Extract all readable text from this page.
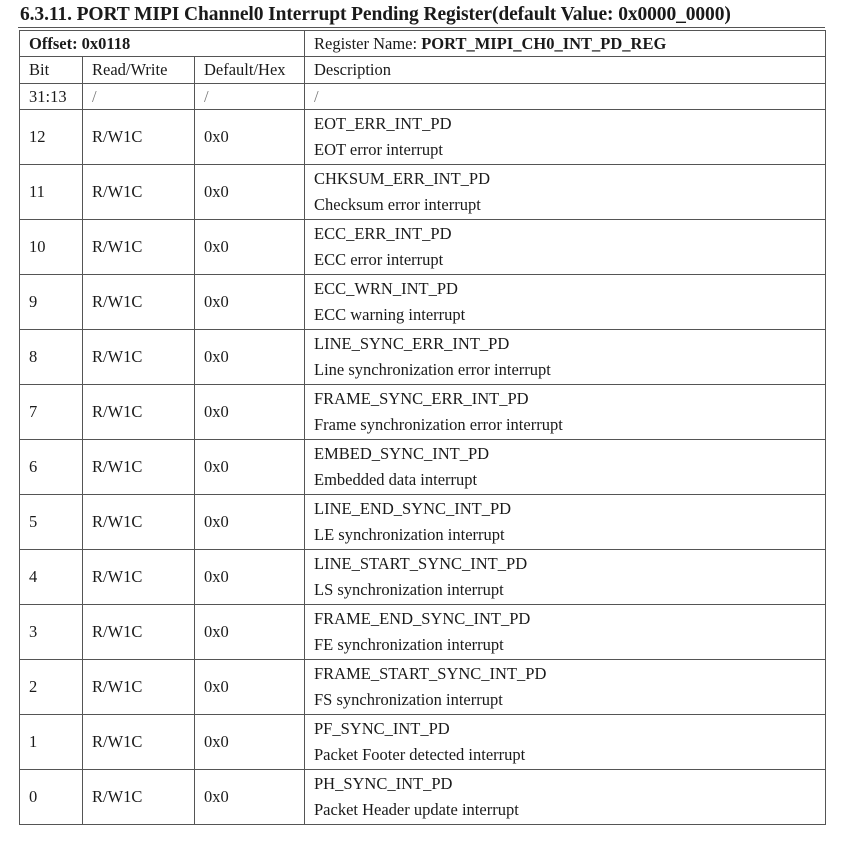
6.3.11. PORT MIPI Channel0 Interrupt Pending Register(default Value: 0x0000_0000)
Offset: 0x0118			Register Name: PORT_MIPI_CH0_INT_PD_REG
Bit	Read/Write	Default/Hex	Description
31:13	/	/	/
12	R/W1C	0x0	EOT_ERR_INT_PD
EOT error interrupt

11	R/W1C	0x0	CHKSUM_ERR_INT_PD
Checksum error interrupt

10	R/W1C	0x0	ECC_ERR_INT_PD
ECC error interrupt

9	R/W1C	0x0	ECC_WRN_INT_PD
ECC warning interrupt

8	R/W1C	0x0	LINE_SYNC_ERR_INT_PD
Line synchronization error interrupt

7	R/W1C	0x0	FRAME_SYNC_ERR_INT_PD
Frame synchronization error interrupt

6	R/W1C	0x0	EMBED_SYNC_INT_PD
Embedded data interrupt

5	R/W1C	0x0	LINE_END_SYNC_INT_PD
LE synchronization interrupt

4	R/W1C	0x0	LINE_START_SYNC_INT_PD
LS synchronization interrupt

3	R/W1C	0x0	FRAME_END_SYNC_INT_PD
FE synchronization interrupt

2	R/W1C	0x0	FRAME_START_SYNC_INT_PD
FS synchronization interrupt

1	R/W1C	0x0	PF_SYNC_INT_PD
Packet Footer detected interrupt

0	R/W1C	0x0	PH_SYNC_INT_PD
Packet Header update interrupt
